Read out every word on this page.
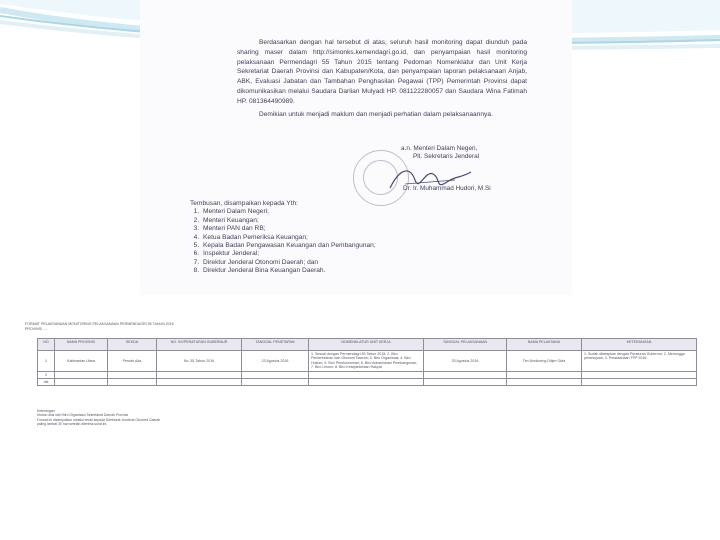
Berdasarkan dengan hal tersebut di atas, seluruh hasil monitoring dapat diunduh pada sharing maser dalam http://simonks.kemendagri.go.id, dan penyampaian hasil monitoring pelaksanaan Permendagri 55 Tahun 2015 tentang Pedoman Nomenklatur dan Unit Kerja Sekretariat Daerah Provinsi dan Kabupaten/Kota, dan penyampaian laporan pelaksanaan Anjab, ABK, Evaluasi Jabatan dan Tambahan Penghasilan Pegawai (TPP) Pemerintah Provinsi dapat dikomunikasikan melalui Saudara Darlian Mulyadi HP. 081122280057 dan Saudara Wina Fatimah HP. 081364490989.

Demikian untuk menjadi maklum dan menjadi perhatian dalam pelaksanaannya.

a.n. Menteri Dalam Negeri,
Plt. Sekretaris Jenderal
Dr. Ir. Muhammad Hudori, M.Si
Tembusan, disampaikan kepada Yth:
1. Menteri Dalam Negeri;
2. Menteri Keuangan;
3. Menteri PAN dan RB;
4. Ketua Badan Pemeriksa Keuangan;
5. Kepala Badan Pengawasan Keuangan dan Pembangunan;
6. Inspektur Jenderal;
7. Direktur Jenderal Otonomi Daerah; dan
8. Direktur Jenderal Bina Keuangan Daerah.
FORMAT PELAKSANAAN MONITORING PELAKSANAAN PERMENDAGRI 55 TAHUN 2015
PROVINSI ....
NO	NAMA PROVINSI	SEKDA	NO. SK/PERATURAN GUBERNUR	TANGGAL PENETAPAN	NOMENKLATUR UNIT KERJA	TANGGAL PELAKSANAAN	NAMA PELAKSANA	KETERANGAN
1	Kalimantan Utara	Pernah Ada	No. 55 Tahun 2016	23 Agustus 2016	1. Sesuai dengan Permendagri 55 Tahun 2015; 2. Biro Pemerintahan dan Otonomi Daerah; 3. Biro Organisasi; 4. Biro Hukum; 5. Biro Perekonomian; 6. Biro Administrasi Pembangunan; 7. Biro Umum; 8. Biro Kesejahteraan Rakyat	20 Agustus 2016	Tim Monitoring Ditjen Otda	1. Sudah ditetapkan dengan Peraturan Gubernur; 2. Menunggu persetujuan; 3. Pelaksanaan TPP 2016
2								
dst								
Keterangan:
Mohon diisi oleh Biro Organisasi Sekretariat Daerah Provinsi
Format ini disampaikan melalui email kepada Direktorat Jenderal Otonomi Daerah
paling lambat 30 hari setelah diterima surat ini.
